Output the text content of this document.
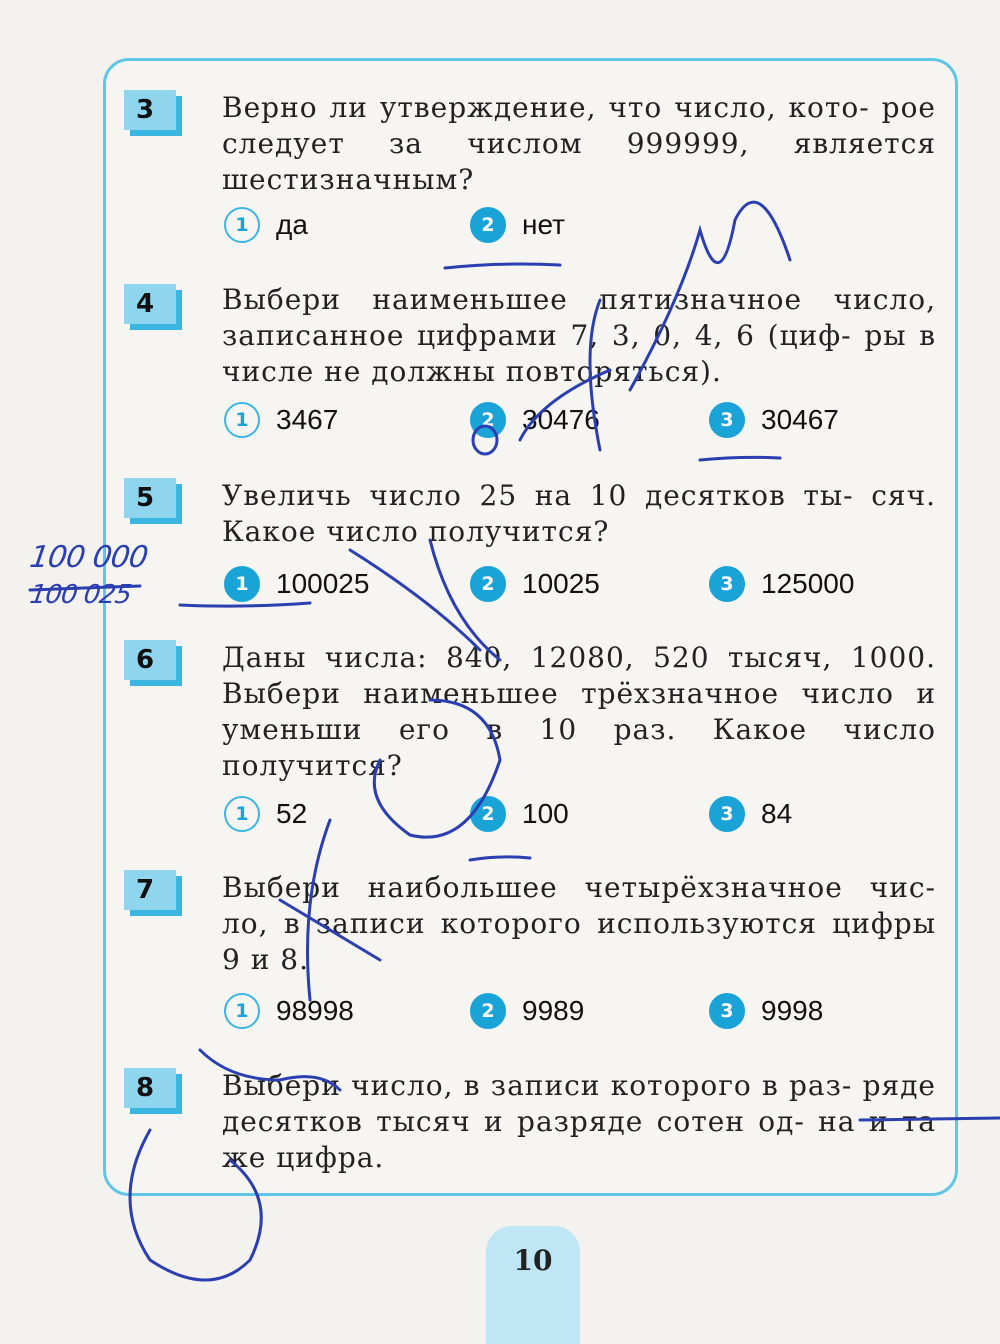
3	Верно ли утверждение, что число, кото- рое следует за числом 999999, является шестизначным?
1 да	2 нет
4	Выбери наименьшее пятизначное число, записанное цифрами 7, 3, 0, 4, 6 (циф- ры в числе не должны повторяться).
1 3467	2 30476	3 30467
5	Увеличь число 25 на 10 десятков ты- сяч. Какое число получится?
1 100025	2 10025	3 125000
6	Даны числа: 840, 12080, 520 тысяч, 1000. Выбери наименьшее трёхзначное число и уменьши его в 10 раз. Какое число получится?
1 52	2 100	3 84
7	Выбери наибольшее четырёхзначное чис- ло, в записи которого используются цифры 9 и 8.
1 98998	2 9989	3 9998
8	Выбери число, в записи которого в раз- ряде десятков тысяч и разряде сотен од- на и та же цифра.
100 000
100 025
10
